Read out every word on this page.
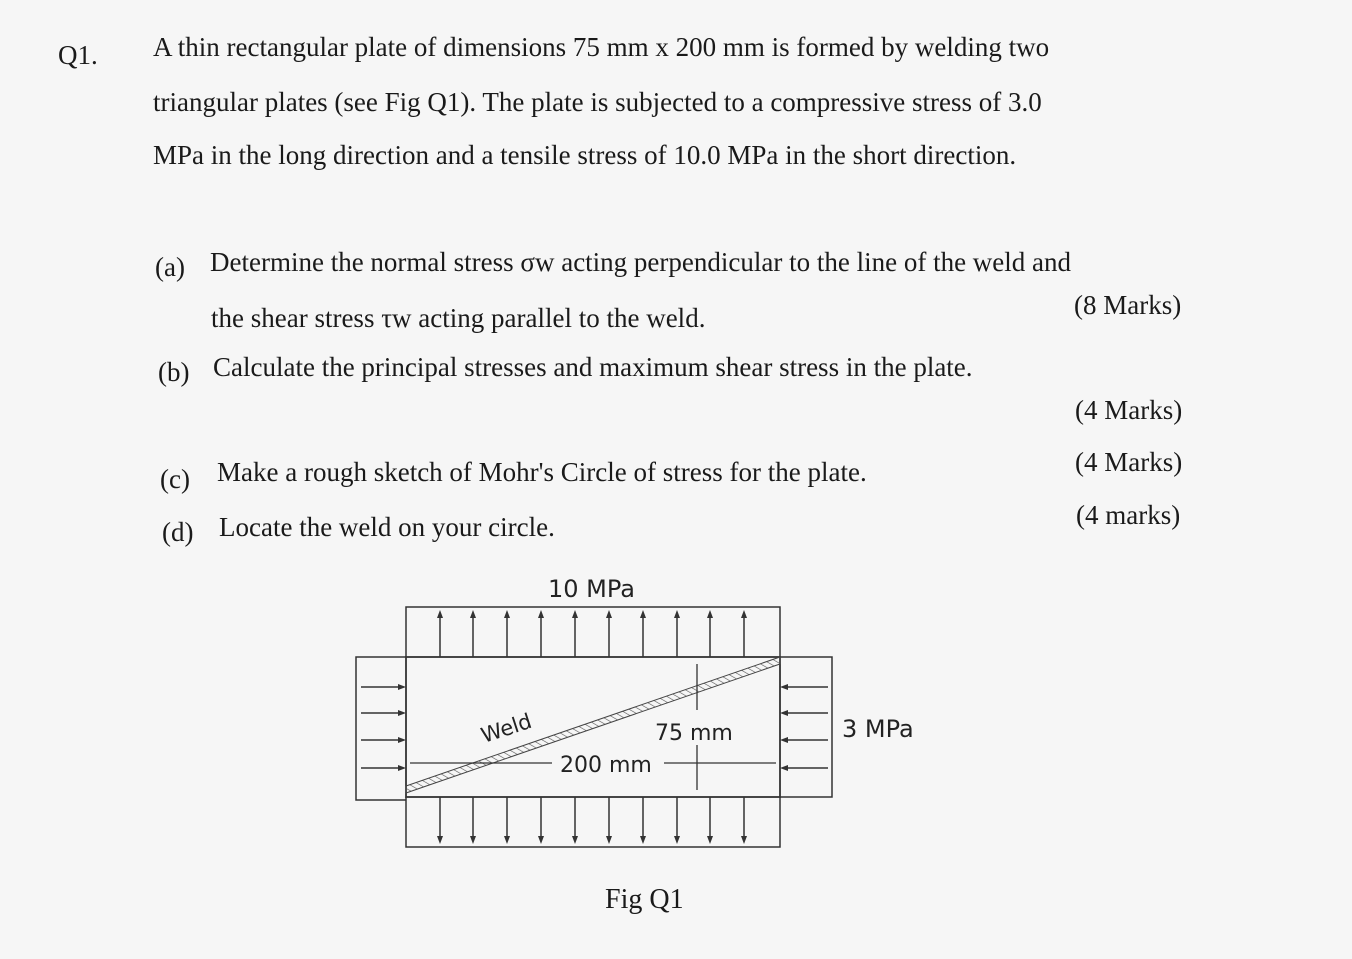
Q1. A thin rectangular plate of dimensions 75 mm x 200 mm is formed by welding two
triangular plates (see Fig Q1). The plate is subjected to a compressive stress of 3.0
MPa in the long direction and a tensile stress of 10.0 MPa in the short direction.
(a) Determine the normal stress σw acting perpendicular to the line of the weld and
the shear stress τw acting parallel to the weld.	(8 Marks)
(b) Calculate the principal stresses and maximum shear stress in the plate.
(4 Marks)
(c) Make a rough sketch of Mohr's Circle of stress for the plate.	(4 Marks)
(d) Locate the weld on your circle.	(4 marks)
10 MPa
75 mm
200 mm
Weld	3 MPa
Fig Q1
